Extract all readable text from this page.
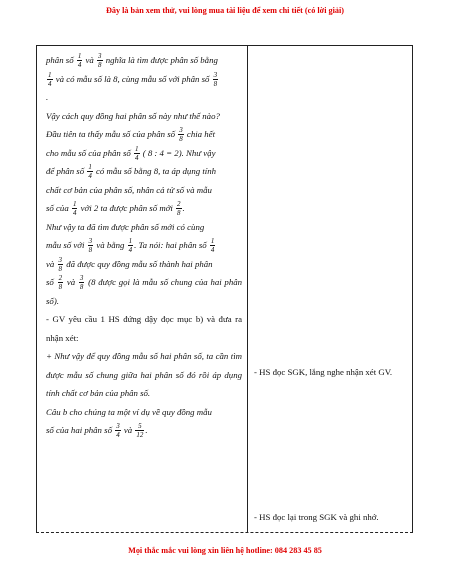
Đây là bản xem thử, vui lòng mua tài liệu để xem chi tiết (có lời giải)

phân số $\frac{1}{4}$ và $\frac{3}{8}$ nghĩa là tìm được phân số bằng

$\frac{1}{4}$ và có mẫu số là 8, cùng mẫu số với phân số $\frac{3}{8}$

.

Vậy cách quy đồng hai phân số này như thế nào?

Đầu tiên ta thấy mẫu số của phân số $\frac{3}{8}$ chia hết

cho mẫu số của phân số $\frac{1}{4}$ ( 8 : 4 = 2). Như vậy

để phân số $\frac{1}{4}$ có mẫu số bằng 8, ta áp dụng tính

chất cơ bản của phân số, nhân cả tử số và mẫu

số của $\frac{1}{4}$ với 2 ta được phân số mới $\frac{2}{8}$ .

Như vậy ta đã tìm được phân số mới có cùng

mẫu số với $\frac{3}{8}$ và bằng $\frac{1}{4}$ . Ta nói: hai phân số $\frac{1}{4}$

và $\frac{3}{8}$ đã được quy đồng mẫu số thành hai phân

số $\frac{2}{8}$ và $\frac{3}{8} (8$ được gọi là mẫu số chung của hai phân số).

- GV yêu cầu 1 HS đứng dậy đọc mục b) và đưa ra nhận xét:

+ Như vậy để quy đồng mẫu số hai phân số, ta cần tìm được mẫu số chung giữa hai phân số đó rồi áp dụng tính chất cơ bản của phân số.

Câu b cho chúng ta một ví dụ về quy đồng mẫu

số của hai phân số $\frac{3}{4}$ và $\frac{5}{12}$ .

- HS đọc SGK, lắng nghe nhận xét GV.
- HS đọc lại trong SGK và ghi nhớ.
Mọi thắc mắc vui lòng xin liên hệ hotline: 084 283 45 85
